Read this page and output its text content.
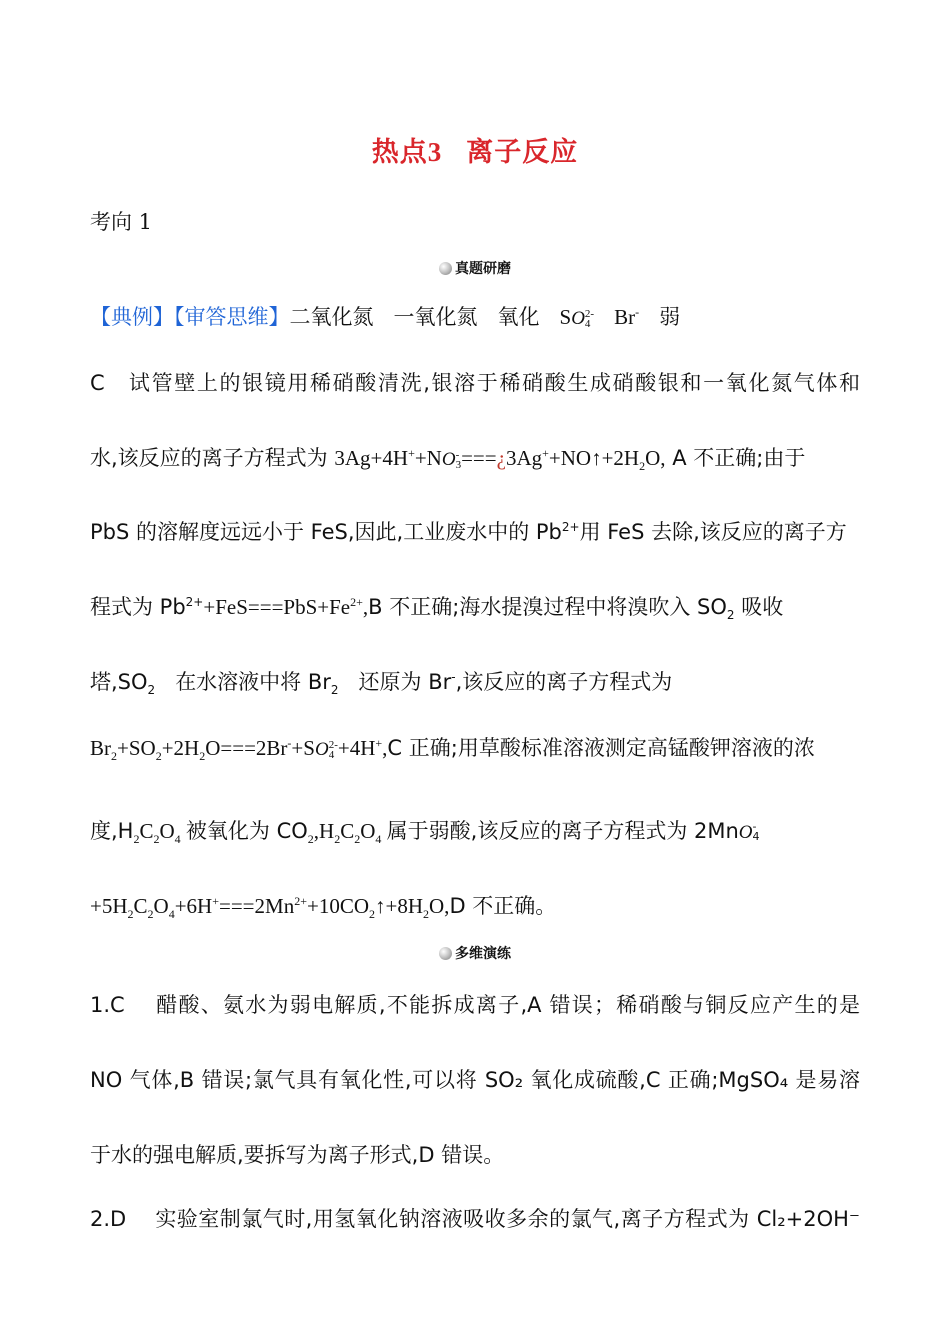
热点3 离子反应
考向 1
真题研磨
【典例】【审答思维】二氧化氮 一氧化氮 氧化 SO2-
4 Br- 弱
C　试管壁上的银镜用稀硝酸清洗,银溶于稀硝酸生成硝酸银和一氧化氮气体和
水,该反应的离子方程式为 3Ag+4H++NO-
$3===¿3Ag^++NO↑+2H_2O$, A 不正确;由于
PbS 的溶解度远远小于 FeS,因此,工业废水中的 $Pb^{2+}$用 FeS 去除,该反应的离子方
程式为 $Pb^{2+}+FeS===PbS+Fe^{2+},B$ 不正确;海水提溴过程中将溴吹入 $SO_2$ 吸收
塔$,SO_2$ 在水溶液中将 $Br_2$ 还原为 Br-,该反应的离子方程式为
$Br_2+SO_2+2H_2O===2Br^-+SO2-$
4 +4H+,C 正确;用草酸标准溶液测定高锰酸钾溶液的浓
度$,H_2C_2O_4$ 被氧化为 $CO_2,H_2C_2O_4$ 属于弱酸,该反应的离子方程式为 2MnO-
4
$+5H_2C_2O_4+6H^+===2Mn^{2+}+10CO_2↑+8H_2O,D$ 不正确。
多维演练
1.C　 醋酸、氨水为弱电解质,不能拆成离子,A 错误；稀硝酸与铜反应产生的是
NO 气体,B 错误;氯气具有氧化性,可以将 SO₂ 氧化成硫酸,C 正确;MgSO₄ 是易溶
于水的强电解质,要拆写为离子形式,D 错误。
2.D　 实验室制氯气时,用氢氧化钠溶液吸收多余的氯气,离子方程式为 Cl₂+2OH⁻
